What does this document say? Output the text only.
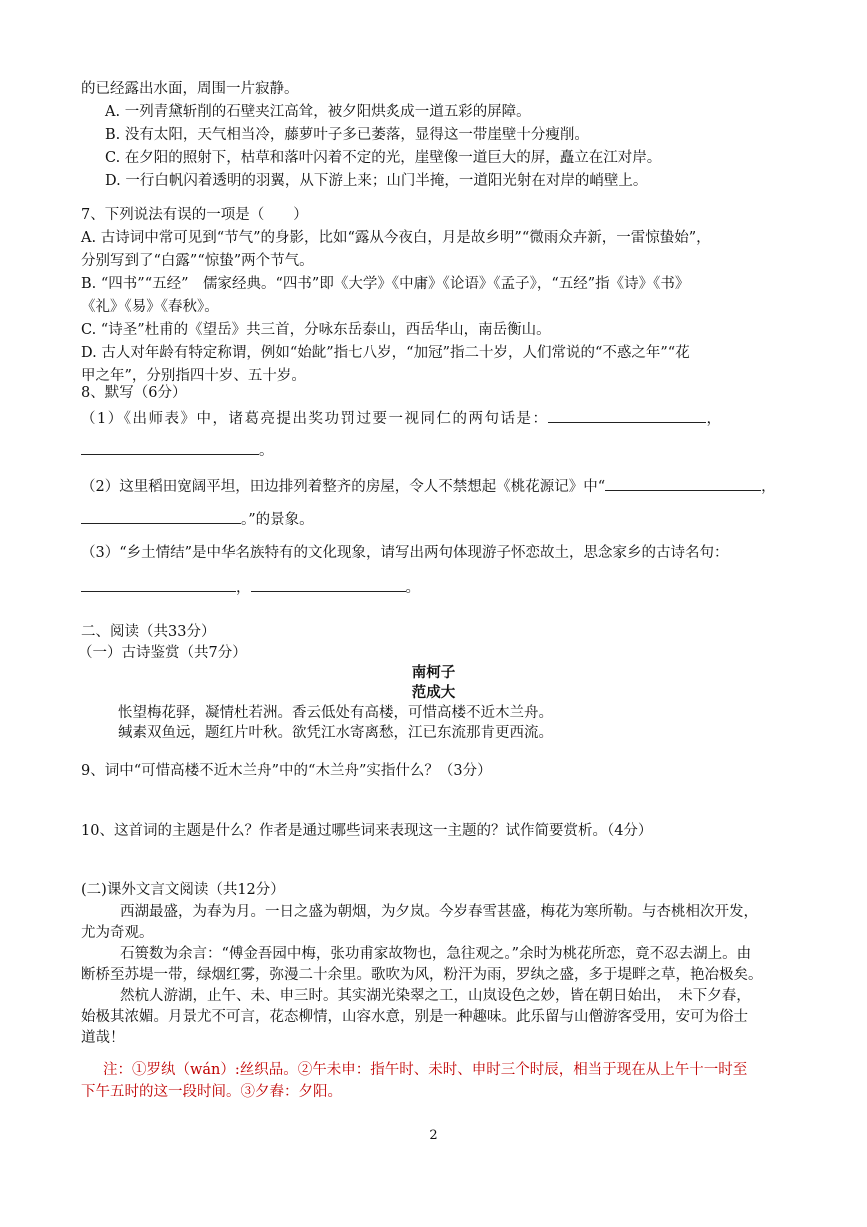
的已经露出水面，周围一片寂静。
A. 一列青黛斩削的石壁夹江高耸，被夕阳烘炙成一道五彩的屏障。
B. 没有太阳，天气相当冷，藤萝叶子多已萎落，显得这一带崖壁十分瘦削。
C. 在夕阳的照射下，枯草和落叶闪着不定的光，崖壁像一道巨大的屏，矗立在江对岸。
D. 一行白帆闪着透明的羽翼，从下游上来；山门半掩，一道阳光射在对岸的峭壁上。
7、下列说法有误的一项是（　　）
A. 古诗词中常可见到“节气”的身影，比如“露从今夜白，月是故乡明”“微雨众卉新，一雷惊蛰始”，
分别写到了“白露”“惊蛰”两个节气。
B. “四书”“五经”　儒家经典。“四书”即《大学》《中庸》《论语》《孟子》，“五经”指《诗》《书》
《礼》《易》《春秋》。
C. “诗圣”杜甫的《望岳》共三首，分咏东岳泰山，西岳华山，南岳衡山。
D. 古人对年龄有特定称谓，例如“始龀”指七八岁，“加冠”指二十岁，人们常说的“不惑之年”“花
甲之年”，分别指四十岁、五十岁。
8、默写（6分）
（1）《出师表》中，诸葛亮提出奖功罚过要一视同仁的两句话是：	，
。
（2）这里稻田宽阔平坦，田边排列着整齐的房屋，令人不禁想起《桃花源记》中“	，
。”的景象。
（3）“乡土情结”是中华名族特有的文化现象，请写出两句体现游子怀恋故土，思念家乡的古诗名句：
，	。
二、阅读（共33分）
（一）古诗鉴赏（共7分）
南柯子
范成大
怅望梅花驿，凝情杜若洲。香云低处有高楼，可惜高楼不近木兰舟。
缄素双鱼远，题红片叶秋。欲凭江水寄离愁，江已东流那肯更西流。
9、词中“可惜高楼不近木兰舟”中的“木兰舟”实指什么？（3分）
10、这首词的主题是什么？作者是通过哪些词来表现这一主题的？试作简要赏析。（4分）
(二)课外文言文阅读（共12分）
西湖最盛，为春为月。一日之盛为朝烟，为夕岚。今岁春雪甚盛，梅花为寒所勒。与杏桃相次开发，
尤为奇观。
石篑数为余言：“傅金吾园中梅，张功甫家故物也，急往观之。”余时为桃花所恋，竟不忍去湖上。由
断桥至苏堤一带，绿烟红雾，弥漫二十余里。歌吹为风，粉汗为雨，罗纨之盛，多于堤畔之草，艳冶极矣。
然杭人游湖，止午、未、申三时。其实湖光染翠之工，山岚设色之妙，皆在朝日始出，　未下夕春，
始极其浓媚。月景尤不可言，花态柳情，山容水意，别是一种趣味。此乐留与山僧游客受用，安可为俗士
道哉！
注：①罗纨（wán）:丝织品。②午未申：指午时、未时、申时三个时辰，相当于现在从上午十一时至
下午五时的这一段时间。③夕舂：夕阳。
2
